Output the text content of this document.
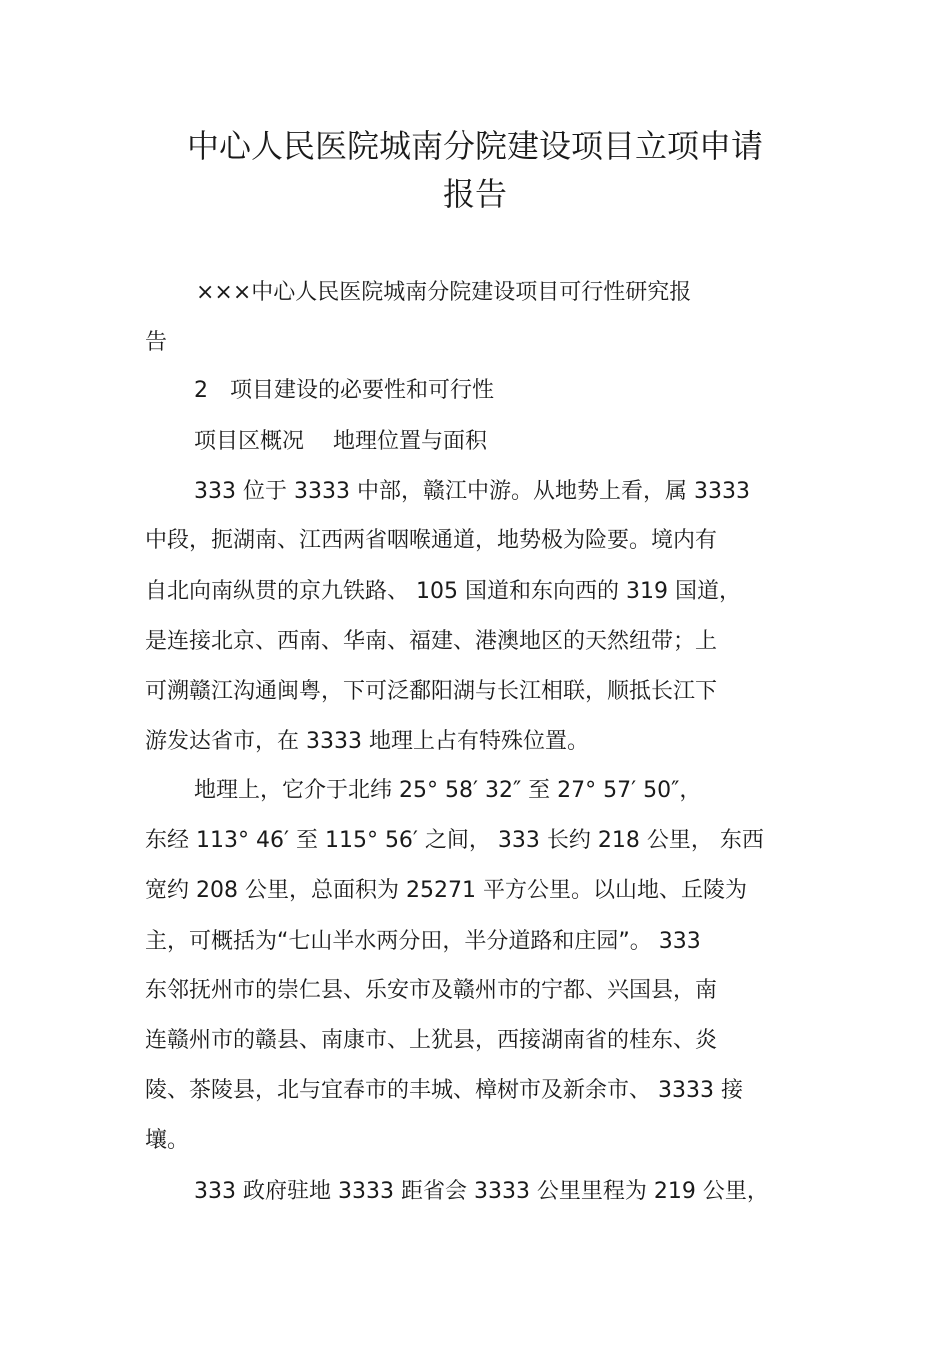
中心人民医院城南分院建设项目立项申请
报告

×××中心人民医院城南分院建设项目可行性研究报

告

2　项目建设的必要性和可行性

项目区概况　 地理位置与面积

333 位于 3333 中部，赣江中游。从地势上看，属 3333

中段，扼湖南、江西两省咽喉通道，地势极为险要。境内有

自北向南纵贯的京九铁路、 105 国道和东向西的 319 国道，

是连接北京、西南、华南、福建、港澳地区的天然纽带；上

可溯赣江沟通闽粤，下可泛鄱阳湖与长江相联，顺抵长江下

游发达省市，在 3333 地理上占有特殊位置。

地理上，它介于北纬 25° 58′ 32″ 至 27° 57′ 50″，

东经 113° 46′ 至 115° 56′ 之间， 333 长约 218 公里， 东西

宽约 208 公里，总面积为 25271 平方公里。以山地、丘陵为

主，可概括为“七山半水两分田，半分道路和庄园”。 333

东邻抚州市的崇仁县、乐安市及赣州市的宁都、兴国县，南

连赣州市的赣县、南康市、上犹县，西接湖南省的桂东、炎

陵、茶陵县，北与宜春市的丰城、樟树市及新余市、 3333 接

壤。

333 政府驻地 3333 距省会 3333 公里里程为 219 公里，
